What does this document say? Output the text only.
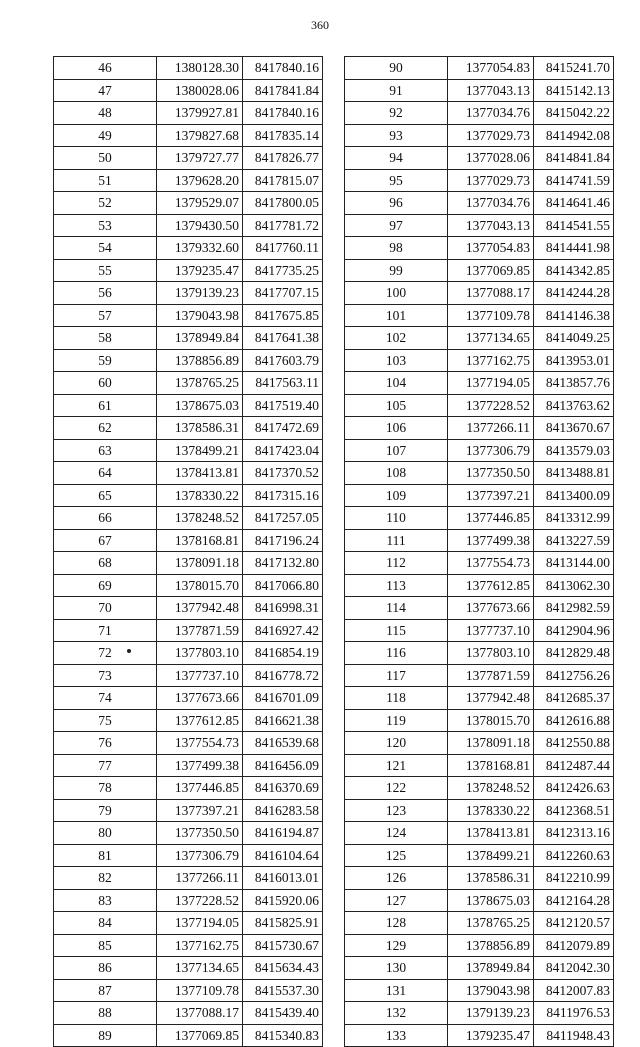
360
46	1380128.30	8417840.16
47	1380028.06	8417841.84
48	1379927.81	8417840.16
49	1379827.68	8417835.14
50	1379727.77	8417826.77
51	1379628.20	8417815.07
52	1379529.07	8417800.05
53	1379430.50	8417781.72
54	1379332.60	8417760.11
55	1379235.47	8417735.25
56	1379139.23	8417707.15
57	1379043.98	8417675.85
58	1378949.84	8417641.38
59	1378856.89	8417603.79
60	1378765.25	8417563.11
61	1378675.03	8417519.40
62	1378586.31	8417472.69
63	1378499.21	8417423.04
64	1378413.81	8417370.52
65	1378330.22	8417315.16
66	1378248.52	8417257.05
67	1378168.81	8417196.24
68	1378091.18	8417132.80
69	1378015.70	8417066.80
70	1377942.48	8416998.31
71	1377871.59	8416927.42
72	1377803.10	8416854.19
73	1377737.10	8416778.72
74	1377673.66	8416701.09
75	1377612.85	8416621.38
76	1377554.73	8416539.68
77	1377499.38	8416456.09
78	1377446.85	8416370.69
79	1377397.21	8416283.58
80	1377350.50	8416194.87
81	1377306.79	8416104.64
82	1377266.11	8416013.01
83	1377228.52	8415920.06
84	1377194.05	8415825.91
85	1377162.75	8415730.67
86	1377134.65	8415634.43
87	1377109.78	8415537.30
88	1377088.17	8415439.40
89	1377069.85	8415340.83
90	1377054.83	8415241.70
91	1377043.13	8415142.13
92	1377034.76	8415042.22
93	1377029.73	8414942.08
94	1377028.06	8414841.84
95	1377029.73	8414741.59
96	1377034.76	8414641.46
97	1377043.13	8414541.55
98	1377054.83	8414441.98
99	1377069.85	8414342.85
100	1377088.17	8414244.28
101	1377109.78	8414146.38
102	1377134.65	8414049.25
103	1377162.75	8413953.01
104	1377194.05	8413857.76
105	1377228.52	8413763.62
106	1377266.11	8413670.67
107	1377306.79	8413579.03
108	1377350.50	8413488.81
109	1377397.21	8413400.09
110	1377446.85	8413312.99
111	1377499.38	8413227.59
112	1377554.73	8413144.00
113	1377612.85	8413062.30
114	1377673.66	8412982.59
115	1377737.10	8412904.96
116	1377803.10	8412829.48
117	1377871.59	8412756.26
118	1377942.48	8412685.37
119	1378015.70	8412616.88
120	1378091.18	8412550.88
121	1378168.81	8412487.44
122	1378248.52	8412426.63
123	1378330.22	8412368.51
124	1378413.81	8412313.16
125	1378499.21	8412260.63
126	1378586.31	8412210.99
127	1378675.03	8412164.28
128	1378765.25	8412120.57
129	1378856.89	8412079.89
130	1378949.84	8412042.30
131	1379043.98	8412007.83
132	1379139.23	8411976.53
133	1379235.47	8411948.43
